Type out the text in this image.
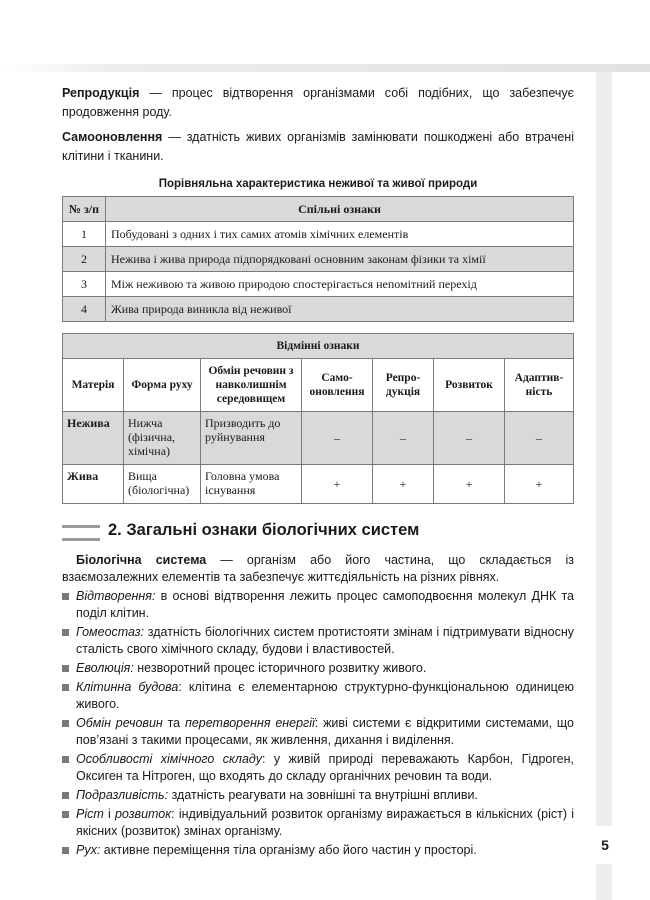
5

Репродукція — процес відтворення організмами собі подібних, що забезпечує продовження роду.

Самооновлення — здатність живих організмів замінювати пошкоджені або втрачені клітини і тканини.

Порівняльна характеристика неживої та живої природи
№ з/п	Спільні ознаки
1	Побудовані з одних і тих самих атомів хімічних елементів
2	Нежива і жива природа підпорядковані основним законам фізики та хімії
3	Між неживою та живою природою спостерігається непомітний перехід
4	Жива природа виникла від неживої
Відмінні ознаки						
Матерія	Форма руху	Обмін речовин з навколишнім середовищем	Самооновлення	Репродукція	Розвиток	Адаптивність
Нежива	Нижча (фізична, хімічна)	Призводить до руйнування	–	–	–	–
Жива	Вища (біологічна)	Головна умова існування	+	+	+	+
2. Загальні ознаки біологічних систем

Біологічна система — організм або його частина, що складається із взаємозалежних елементів та забезпечує життєдіяльність на різних рівнях.

Відтворення: в основі відтворення лежить процес самоподвоєння молекул ДНК та поділ клітин.
Гомеостаз: здатність біологічних систем протистояти змінам і підтримувати відносну сталість свого хімічного складу, будови і властивостей.
Еволюція: незворотний процес історичного розвитку живого.
Клітинна будова: клітина є елементарною структурно-функціональною одиницею живого.
Обмін речовин та перетворення енергії: живі системи є відкритими системами, що пов’язані з такими процесами, як живлення, дихання і виділення.
Особливості хімічного складу: у живій природі переважають Карбон, Гідроген, Оксиген та Нітроген, що входять до складу органічних речовин та води.
Подразливість: здатність реагувати на зовнішні та внутрішні впливи.
Ріст і розвиток: індивідуальний розвиток організму виражається в кількісних (ріст) і якісних (розвиток) змінах організму.
Рух: активне переміщення тіла організму або його частин у просторі.
